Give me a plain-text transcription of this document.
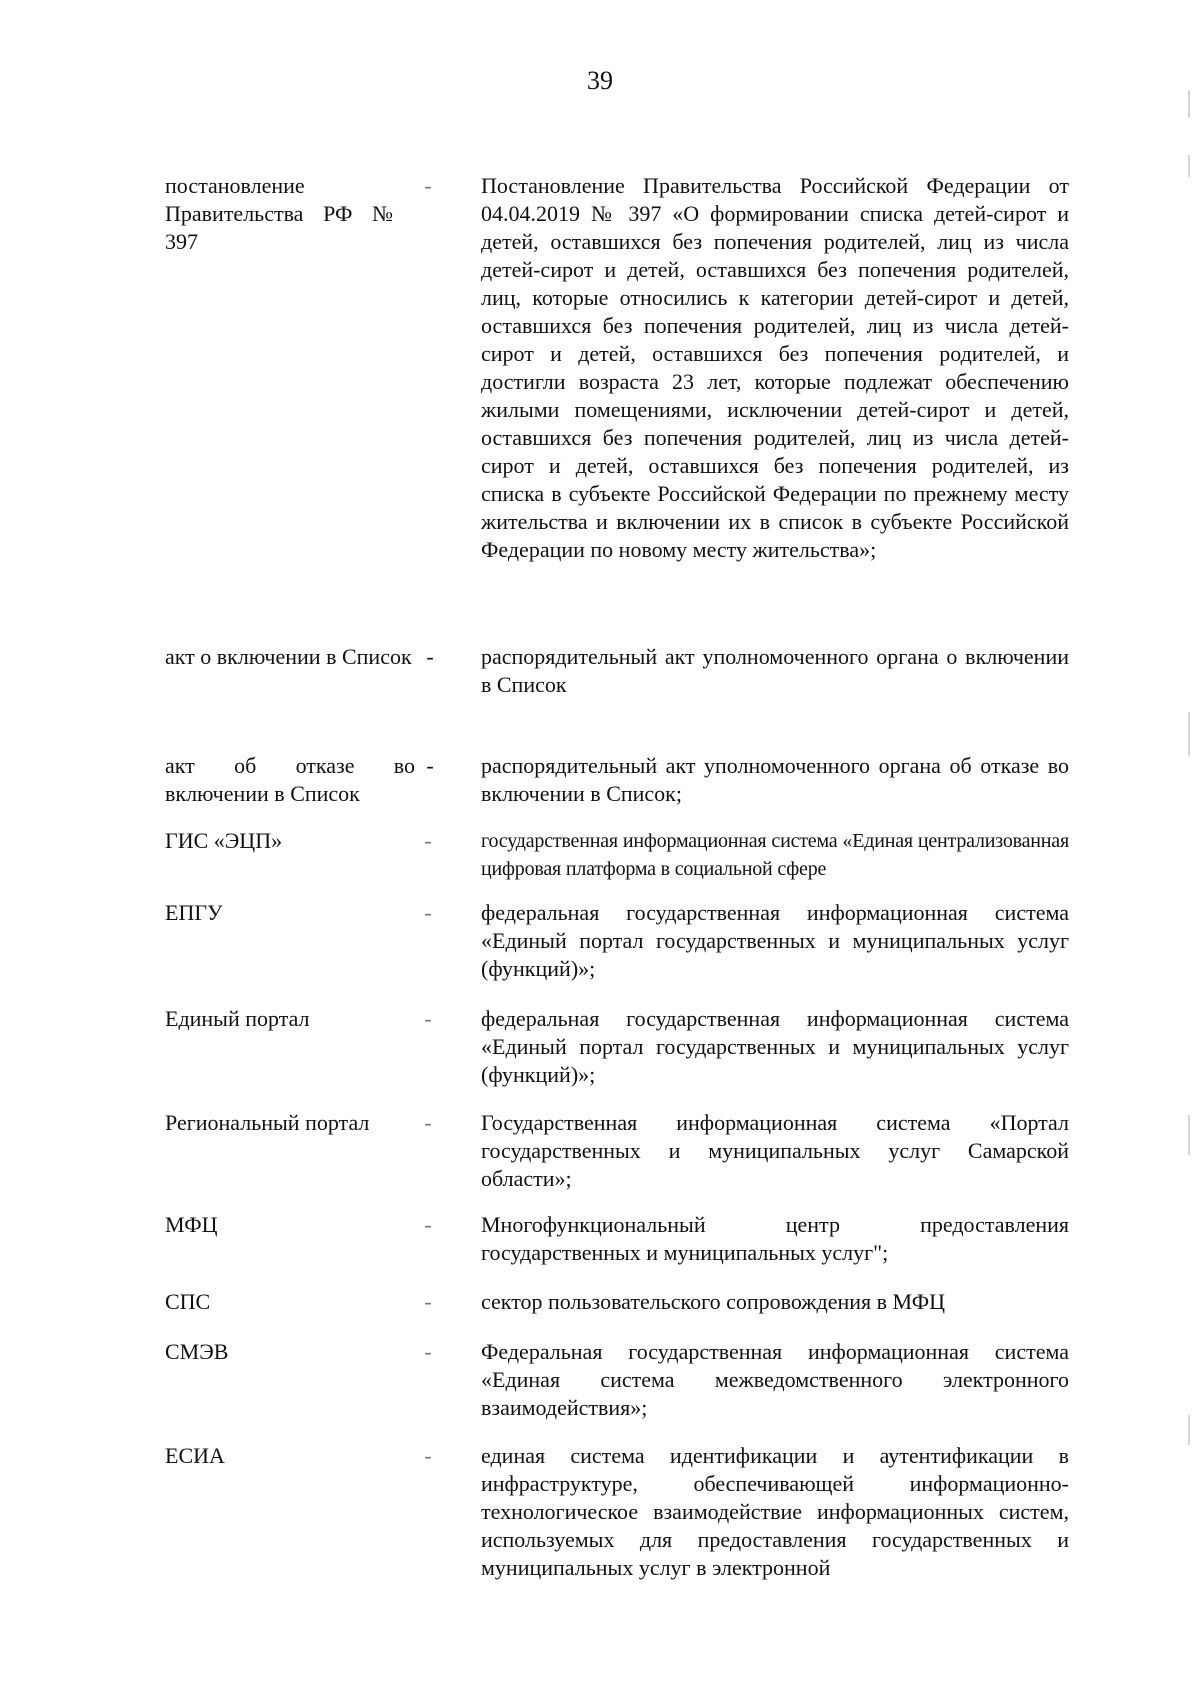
39
постановление Правительства РФ № 397
- Постановление Правительства Российской Федерации от 04.04.2019 № 397 «О формировании списка детей-сирот и детей, оставшихся без попечения родителей, лиц из числа детей-сирот и детей, оставшихся без попечения родителей, лиц, которые относились к категории детей-сирот и детей, оставшихся без попечения родителей, лиц из числа детей-сирот и детей, оставшихся без попечения родителей, и достигли возраста 23 лет, которые подлежат обеспечению жилыми помещениями, исключении детей-сирот и детей, оставшихся без попечения родителей, лиц из числа детей-сирот и детей, оставшихся без попечения родителей, из списка в субъекте Российской Федерации по прежнему месту жительства и включении их в список в субъекте Российской Федерации по новому месту жительства»;
акт о включении в Список - распорядительный акт уполномоченного органа о включении в Список
акт об отказе во включении в Список
- распорядительный акт уполномоченного органа об отказе во включении в Список;
ГИС «ЭЦП»	-	государственная информационная система «Единая централизованная цифровая платформа в социальной сфере
ЕПГУ	- федеральная государственная информационная система «Единый портал государственных и муниципальных услуг (функций)»;
Единый портал	- федеральная государственная информационная система «Единый портал государственных и муниципальных услуг (функций)»;
Региональный портал	- Государственная информационная система «Портал государственных и муниципальных услуг Самарской области»;
МФЦ	- Многофункциональный центр предоставления государственных и муниципальных услуг";
СПС	- сектор пользовательского сопровождения в МФЦ
СМЭВ	- Федеральная государственная информационная система «Единая система межведомственного электронного взаимодействия»;
ЕСИА	- единая система идентификации и аутентификации в инфраструктуре, обеспечивающей информационно-технологическое взаимодействие информационных систем, используемых для предоставления государственных и муниципальных услуг в электронной
